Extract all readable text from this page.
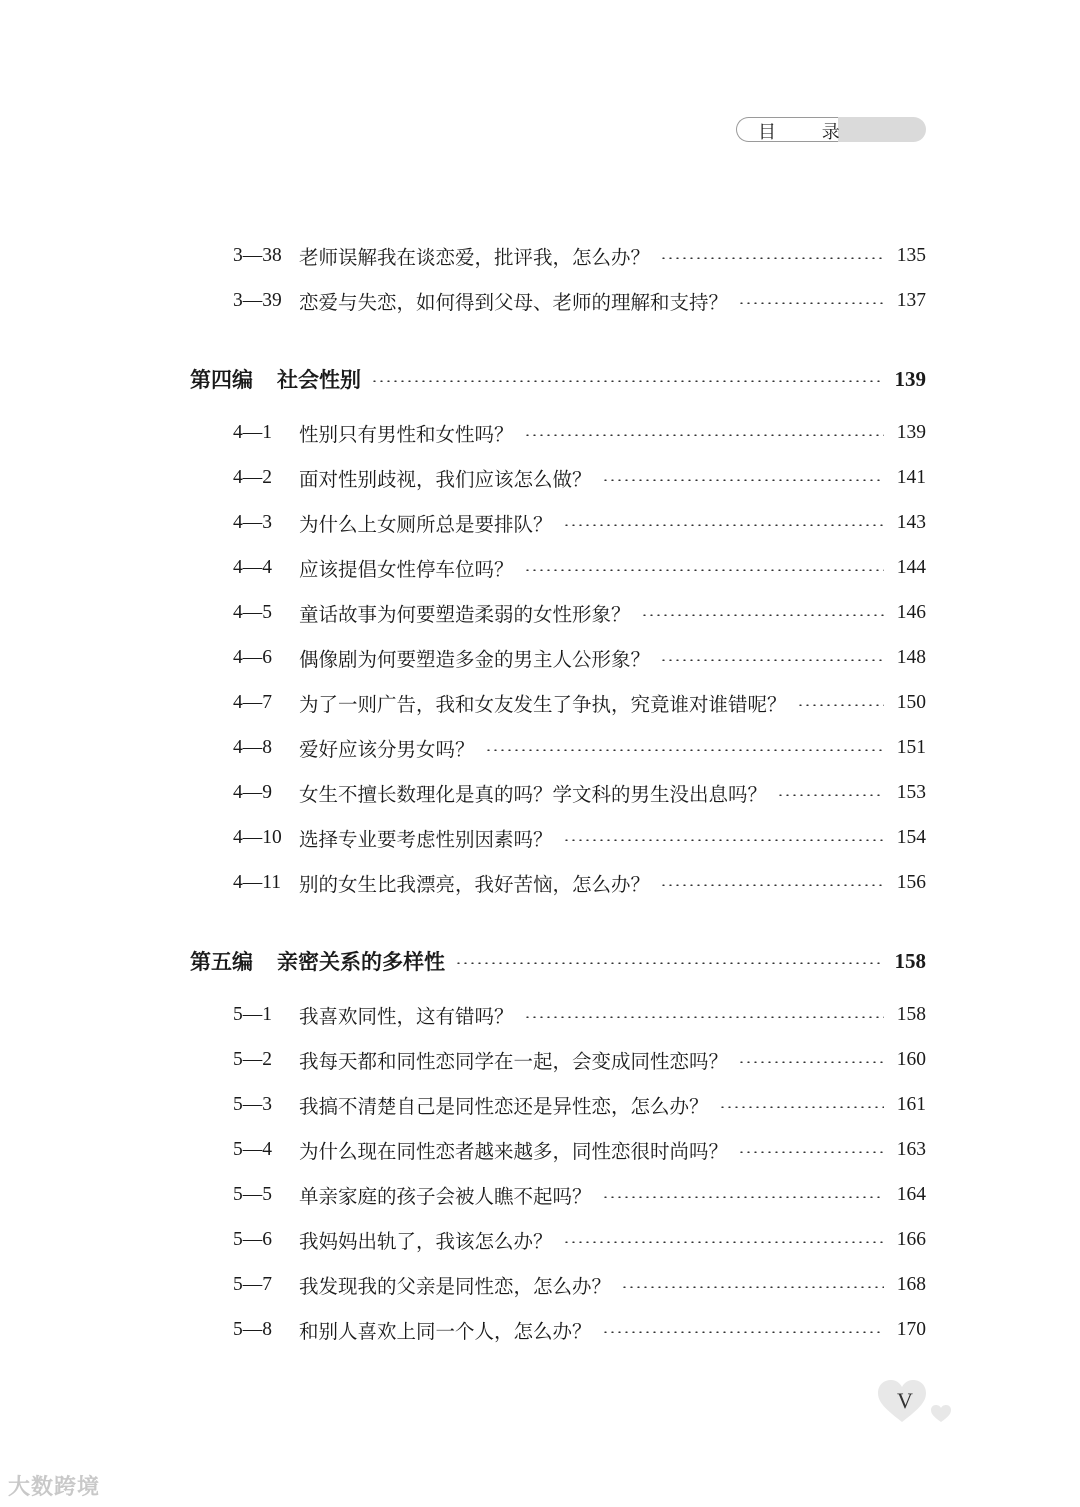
目 录
3—38 老师误解我在谈恋爱，批评我，怎么办？	135
3—39 恋爱与失恋，如何得到父母、老师的理解和支持？	137
第四编 社会性别	139
4—1	性别只有男性和女性吗？	139
4—2	面对性别歧视，我们应该怎么做？	141
4—3	为什么上女厕所总是要排队？	143
4—4	应该提倡女性停车位吗？	144
4—5	童话故事为何要塑造柔弱的女性形象？	146
4—6	偶像剧为何要塑造多金的男主人公形象？	148
4—7	为了一则广告，我和女友发生了争执，究竟谁对谁错呢？	150
4—8	爱好应该分男女吗？	151
4—9	女生不擅长数理化是真的吗？学文科的男生没出息吗？	153
4—10 选择专业要考虑性别因素吗？	154
4—11 别的女生比我漂亮，我好苦恼，怎么办？	156
第五编 亲密关系的多样性	158
5—1	我喜欢同性，这有错吗？	158
5—2	我每天都和同性恋同学在一起，会变成同性恋吗？	160
5—3	我搞不清楚自己是同性恋还是异性恋，怎么办？	161
5—4	为什么现在同性恋者越来越多，同性恋很时尚吗？	163
5—5	单亲家庭的孩子会被人瞧不起吗？	164
5—6	我妈妈出轨了，我该怎么办？	166
5—7	我发现我的父亲是同性恋，怎么办？	168
5—8	和别人喜欢上同一个人，怎么办？	170
V
大数跨境
